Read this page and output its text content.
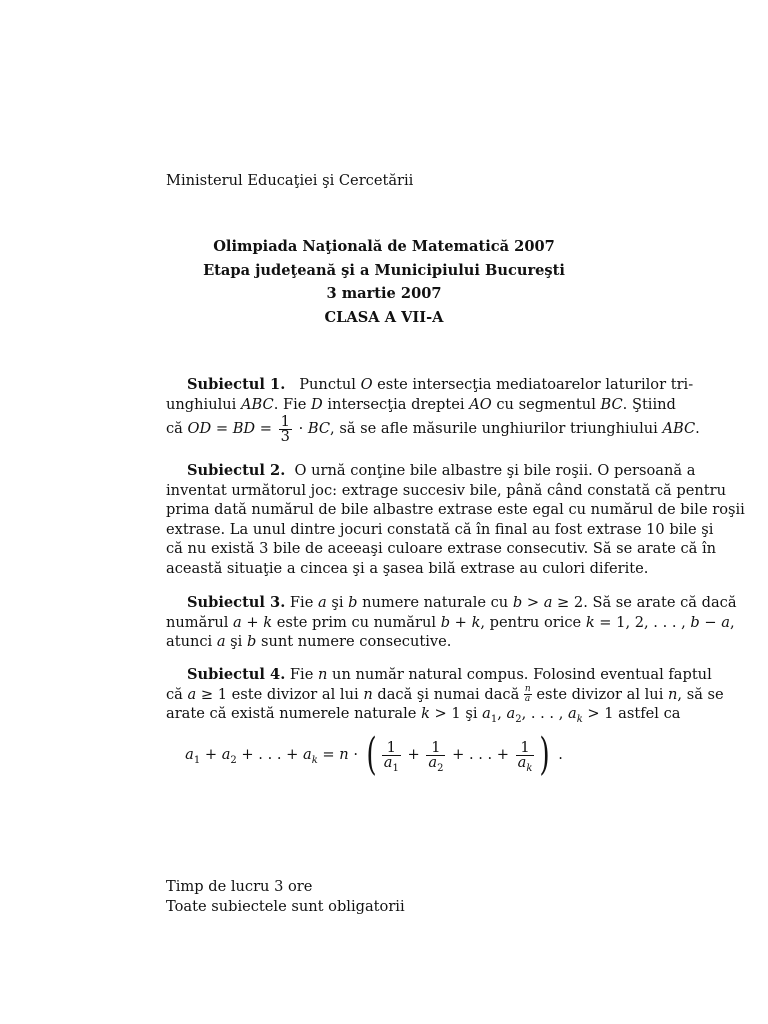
Ministerul Educaţiei şi Cercetării
Olimpiada Naţională de Matematică 2007
Etapa judeţeană şi a Municipiului Bucureşti
3 martie 2007
CLASA A VII-A
Subiectul 1.   Punctul O este intersecţia mediatoarelor laturilor tri-
unghiului ABC. Fie D intersecţia dreptei AO cu segmentul BC. Ştiind
că OD = BD = $\frac{1}{3}$ · BC, să se afle măsurile unghiurilor triunghiului ABC.
Subiectul 2.  O urnă conţine bile albastre şi bile roşii. O persoană a
inventat următorul joc: extrage succesiv bile, până când constată că pentru
prima dată numărul de bile albastre extrase este egal cu numărul de bile roşii
extrase. La unul dintre jocuri constată că în final au fost extrase 10 bile şi
că nu există 3 bile de aceeaşi culoare extrase consecutiv. Să se arate că în
această situaţie a cincea şi a şasea bilă extrase au culori diferite.
Subiectul 3. Fie a şi b numere naturale cu b > a ≥ 2. Să se arate că dacă
numărul a + k este prim cu numărul b + k, pentru orice k = 1, 2, . . . , b − a,
atunci a şi b sunt numere consecutive.
Subiectul 4. Fie n un număr natural compus. Folosind eventual faptul
că a ≥ 1 este divizor al lui n dacă şi numai dacă $\frac{n}{a}$ este divizor al lui n, să se
arate că există numerele naturale k > 1 şi $a_1$, $a_2$, . . . , $a_k > 1$ astfel ca
$a_1 + a_2$ + . . . + $a_k = n$ · ( $\frac{1}{a_1} + \frac{1}{a_2}$ + . . . + $\frac{1}{a_k}$ ) .
Timp de lucru 3 ore
Toate subiectele sunt obligatorii
